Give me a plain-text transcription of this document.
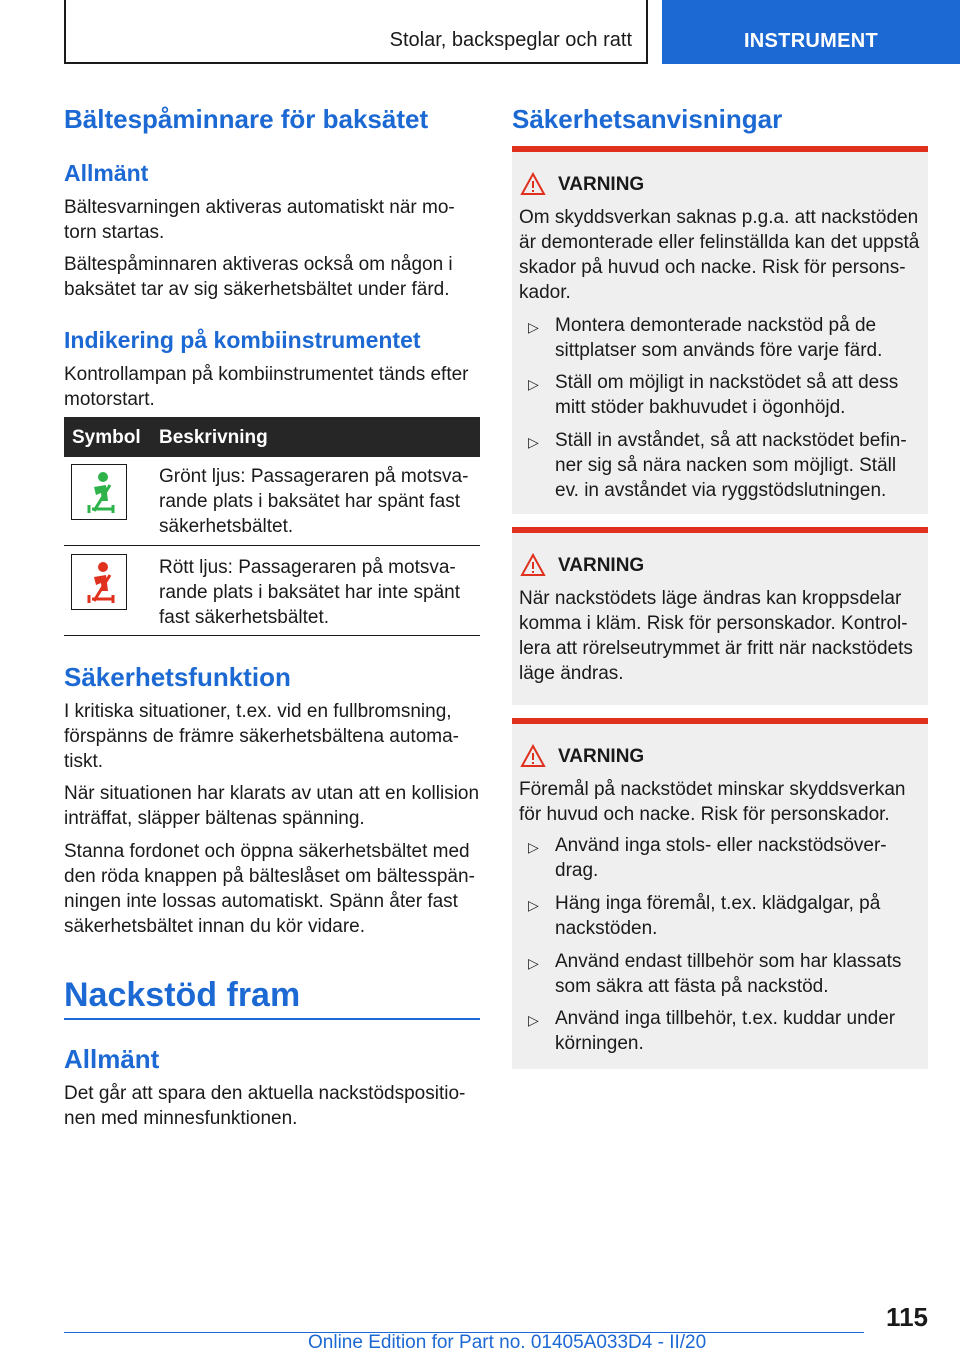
Stolar, backspeglar och ratt	INSTRUMENT
Bältespåminnare för baksätet
Allmänt
Bältesvarningen aktiveras automatiskt när mo-
torn startas.
Bältespåminnaren aktiveras också om någon i
baksätet tar av sig säkerhetsbältet under färd.
Indikering på kombiinstrumentet
Kontrollampan på kombiinstrumentet tänds efter
motorstart.
Symbol Beskrivning
Grönt ljus: Passageraren på motsva-
rande plats i baksätet har spänt fast
säkerhetsbältet.
Rött ljus: Passageraren på motsva-
rande plats i baksätet har inte spänt
fast säkerhetsbältet.
Säkerhetsfunktion
I kritiska situationer, t.ex. vid en fullbromsning,
förspänns de främre säkerhetsbältena automa-
tiskt.
När situationen har klarats av utan att en kollision
inträffat, släpper bältenas spänning.
Stanna fordonet och öppna säkerhetsbältet med
den röda knappen på bälteslåset om bältesspän-
ningen inte lossas automatiskt. Spänn åter fast
säkerhetsbältet innan du kör vidare.
Nackstöd fram
Allmänt
Det går att spara den aktuella nackstödspositio-
nen med minnesfunktionen.
Säkerhetsanvisningar
VARNING
Om skyddsverkan saknas p.g.a. att nackstöden
är demonterade eller felinställda kan det uppstå
skador på huvud och nacke. Risk för persons-
kador.
▷ Montera demonterade nackstöd på de
sittplatser som används före varje färd.
▷ Ställ om möjligt in nackstödet så att dess
mitt stöder bakhuvudet i ögonhöjd.
▷ Ställ in avståndet, så att nackstödet befin-
ner sig så nära nacken som möjligt. Ställ
ev. in avståndet via ryggstödslutningen.
VARNING
När nackstödets läge ändras kan kroppsdelar
komma i kläm. Risk för personskador. Kontrol-
lera att rörelseutrymmet är fritt när nackstödets
läge ändras.
VARNING
Föremål på nackstödet minskar skyddsverkan
för huvud och nacke. Risk för personskador.
▷ Använd inga stols- eller nackstödsöver-
drag.
▷ Häng inga föremål, t.ex. klädgalgar, på
nackstöden.
▷ Använd endast tillbehör som har klassats
som säkra att fästa på nackstöd.
▷ Använd inga tillbehör, t.ex. kuddar under
körningen.
115
Online Edition for Part no. 01405A033D4 - II/20
